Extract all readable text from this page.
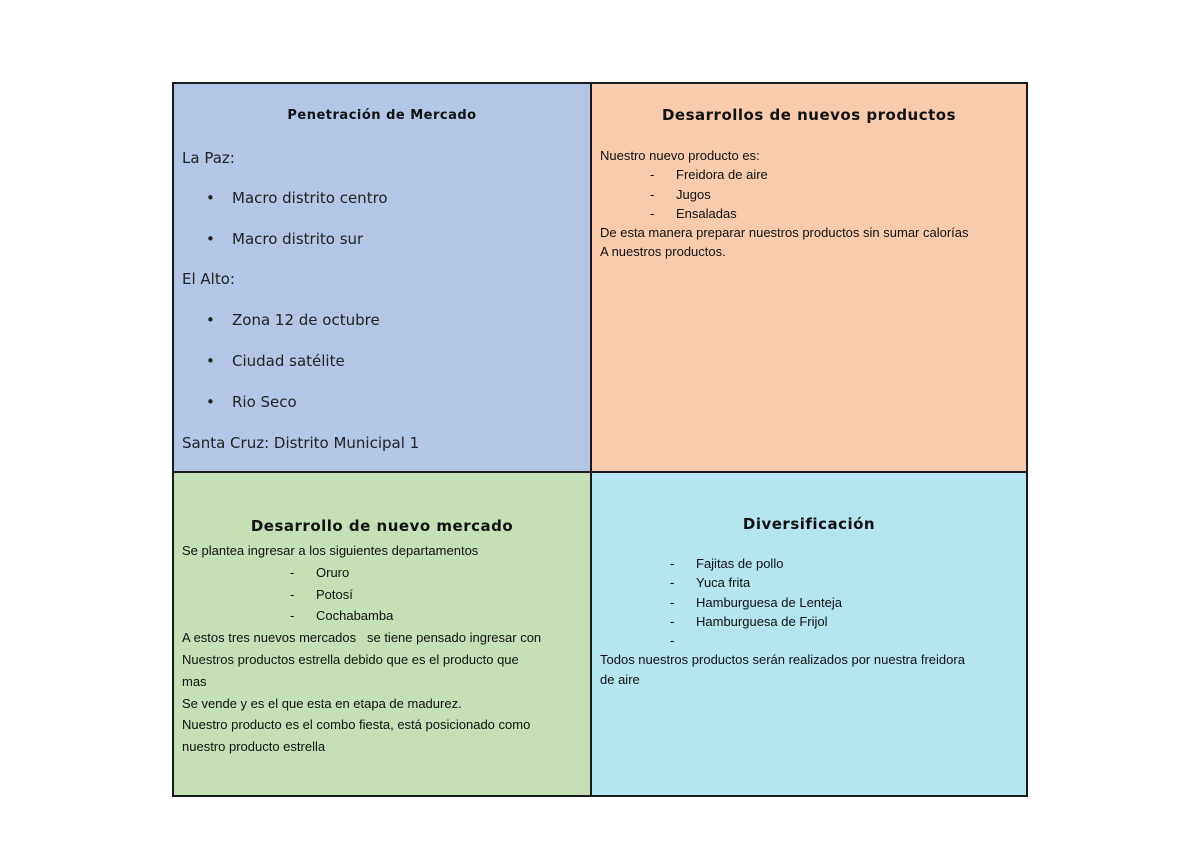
Penetración de Mercado
La Paz:
• Macro distrito centro
• Macro distrito sur
El Alto:
• Zona 12 de octubre
• Ciudad satélite
• Rio Seco
Santa Cruz: Distrito Municipal 1
Desarrollos de nuevos productos
Nuestro nuevo producto es:
- Freidora de aire
- Jugos
- Ensaladas
De esta manera preparar nuestros productos sin sumar calorías
A nuestros productos.
Desarrollo de nuevo mercado
Se plantea ingresar a los siguientes departamentos
- Oruro
- Potosí
- Cochabamba
A estos tres nuevos mercados   se tiene pensado ingresar con
Nuestros productos estrella debido que es el producto que
mas
Se vende y es el que esta en etapa de madurez.
Nuestro producto es el combo fiesta, está posicionado como
nuestro producto estrella
Diversificación
- Fajitas de pollo
- Yuca frita
- Hamburguesa de Lenteja
- Hamburguesa de Frijol
-
Todos nuestros productos serán realizados por nuestra freidora
de aire
